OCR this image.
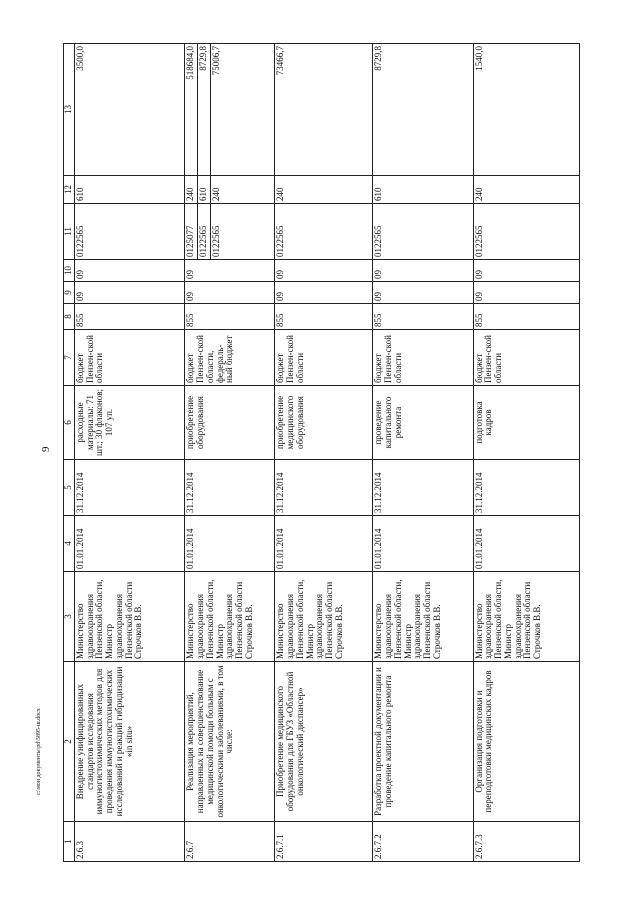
9
c:\мои документы\pd\5895-ш.docx
1	2	3	4	5	6	7	8	9	10	11	12	13
2.6.3	Внедрение унифицированных стандартов исследования иммуногистохимических методов для проведения иммуногистохимических исследований и реакций гибридизации «in situ»	Министерство здравоохранения Пензенской области, Министр здравоохранения Пензенской области Строчков В.В.	01.01.2014	31.12.2014	расходные материалы: 71 шт.; 30 флаконов; 107 уп.	бюджет Пензен-ской области	855	09	09	0122565	610	3500,0

2.6.7	Реализация мероприятий, направленных на совершенствование медицинской помощи больным с онкологическими заболеваниями, в том числе:	Министерство здравоохранения Пензенской области, Министр здравоохранения Пензенской области Строчков В.В.	01.01.2014	31.12.2014	приобретение оборудования	бюджет Пензен-ской области, федераль-ный бюджет	855	09	09	0125077 0122565 0122565	240 610 240	518684,0 8729,8 75006,7

2.6.7.1	Приобретение медицинского оборудования для ГБУЗ «Областной онкологический диспансер»	Министерство здравоохранения Пензенской области, Министр здравоохранения Пензенской области Строчков В.В.	01.01.2014	31.12.2014	приобретение медицинского оборудования	бюджет Пензен-ской области	855	09	09	0122565	240	73466,7

2.6.7.2	Разработка проектной документации и проведение капитального ремонта	Министерство здравоохранения Пензенской области, Министр здравоохранения Пензенской области Строчков В.В.	01.01.2014	31.12.2014	проведение капитального ремонта	бюджет Пензен-ской области	855	09	09	0122565	610	8729,8

2.6.7.3	Организация подготовки и переподготовки медицинских кадров	Министерство здравоохранения Пензенской области, Министр здравоохранения Пензенской области Строчков В.В.	01.01.2014	31.12.2014	подготовка кадров	бюджет Пензен-ской области	855	09	09	0122565	240	1540,0
